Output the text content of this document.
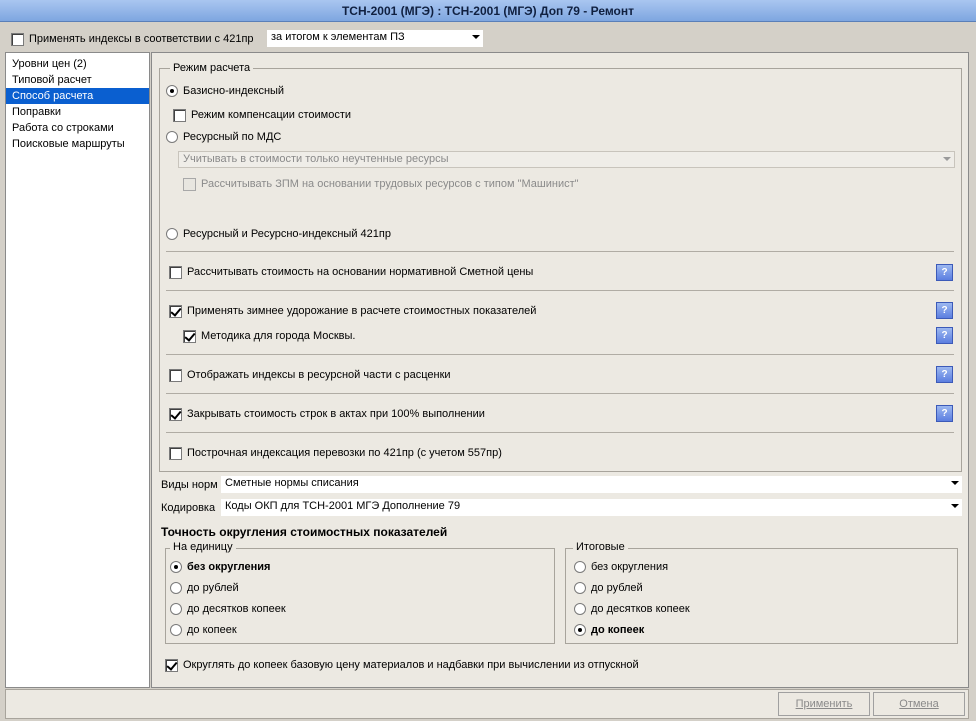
ТСН-2001 (МГЭ) : ТСН-2001 (МГЭ) Доп 79 - Ремонт
Применять индексы в соответствии с 421пр	за итогом к элементам ПЗ
Уровни цен (2)
Типовой расчет
Способ расчета
Поправки
Работа со строками
Поисковые маршруты
Режим расчета
Базисно-индексный
Режим компенсации стоимости
Ресурсный по МДС
Учитывать в стоимости только неучтенные ресурсы
Рассчитывать ЗПМ на основании трудовых ресурсов с типом "Машинист"
Ресурсный и Ресурсно-индексный 421пр
Рассчитывать стоимость на основании нормативной Сметной цены	?
Применять зимнее удорожание в расчете стоимостных показателей	?
Методика для города Москвы.	?
Отображать индексы в ресурсной части с расценки	?
Закрывать стоимость строк в актах при 100% выполнении	?
Построчная индексация перевозки по 421пр (с учетом 557пр)
Виды норм Сметные нормы списания
Кодировка Коды ОКП для ТСН-2001 МГЭ Дополнение 79
Точность округления стоимостных показателей
На единицу
без округления
до рублей
до десятков копеек
до копеек
Итоговые
без округления
до рублей
до десятков копеек
до копеек
Округлять до копеек базовую цену материалов и надбавки при вычислении из отпускной
Применить	Отмена
